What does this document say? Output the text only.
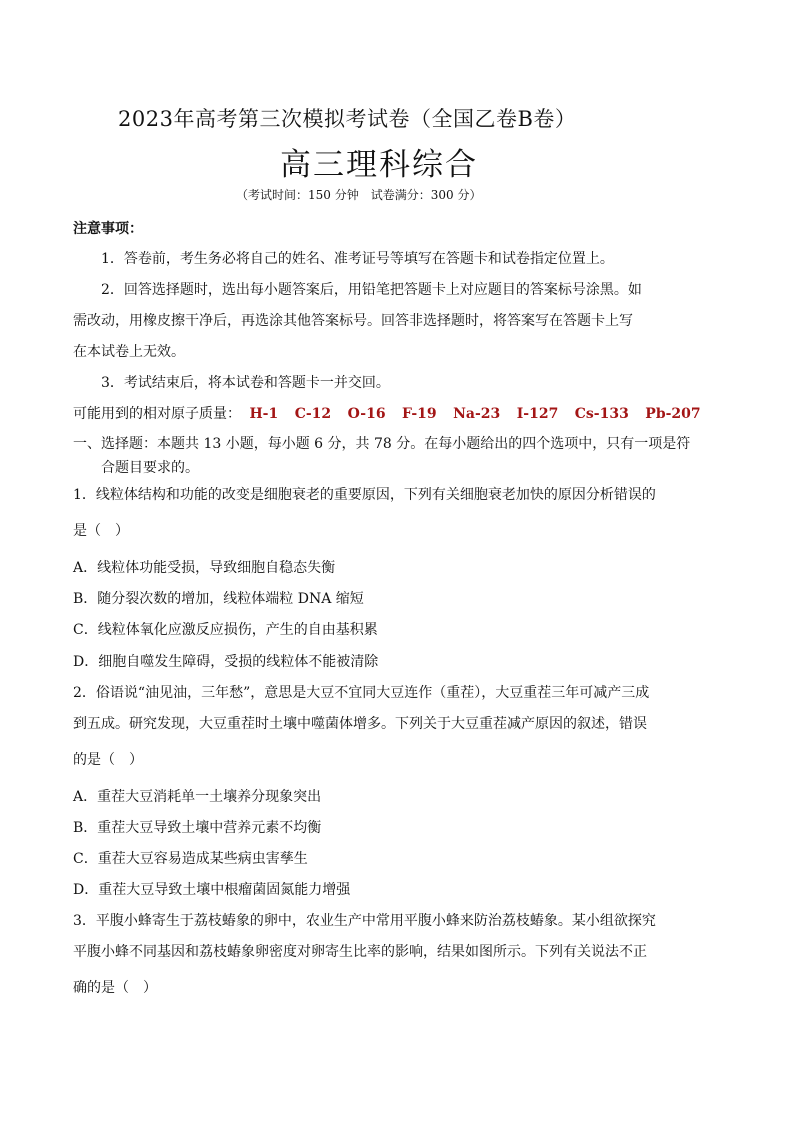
2023年高考第三次模拟考试卷（全国乙卷B卷）
高三理科综合
（考试时间：150 分钟　试卷满分：300 分）
注意事项：
1．答卷前，考生务必将自己的姓名、准考证号等填写在答题卡和试卷指定位置上。
2．回答选择题时，选出每小题答案后，用铅笔把答题卡上对应题目的答案标号涂黑。如
需改动，用橡皮擦干净后，再选涂其他答案标号。回答非选择题时，将答案写在答题卡上写
在本试卷上无效。
3．考试结束后，将本试卷和答题卡一并交回。
可能用到的相对原子质量： H-1 C-12 O-16 F-19 Na-23 I-127 Cs-133 Pb-207
一、选择题：本题共 13 小题，每小题 6 分，共 78 分。在每小题给出的四个选项中，只有一项是符
合题目要求的。
1．线粒体结构和功能的改变是细胞衰老的重要原因，下列有关细胞衰老加快的原因分析错误的
是（　）
A．线粒体功能受损，导致细胞自稳态失衡
B．随分裂次数的增加，线粒体端粒 DNA 缩短
C．线粒体氧化应激反应损伤，产生的自由基积累
D．细胞自噬发生障碍，受损的线粒体不能被清除
2．俗语说“油见油，三年愁”，意思是大豆不宜同大豆连作（重茬），大豆重茬三年可减产三成
到五成。研究发现，大豆重茬时土壤中噬菌体增多。下列关于大豆重茬减产原因的叙述，错误
的是（　）
A．重茬大豆消耗单一土壤养分现象突出
B．重茬大豆导致土壤中营养元素不均衡
C．重茬大豆容易造成某些病虫害孳生
D．重茬大豆导致土壤中根瘤菌固氮能力增强
3．平腹小蜂寄生于荔枝蝽象的卵中，农业生产中常用平腹小蜂来防治荔枝蝽象。某小组欲探究
平腹小蜂不同基因和荔枝蝽象卵密度对卵寄生比率的影响，结果如图所示。下列有关说法不正
确的是（　）
